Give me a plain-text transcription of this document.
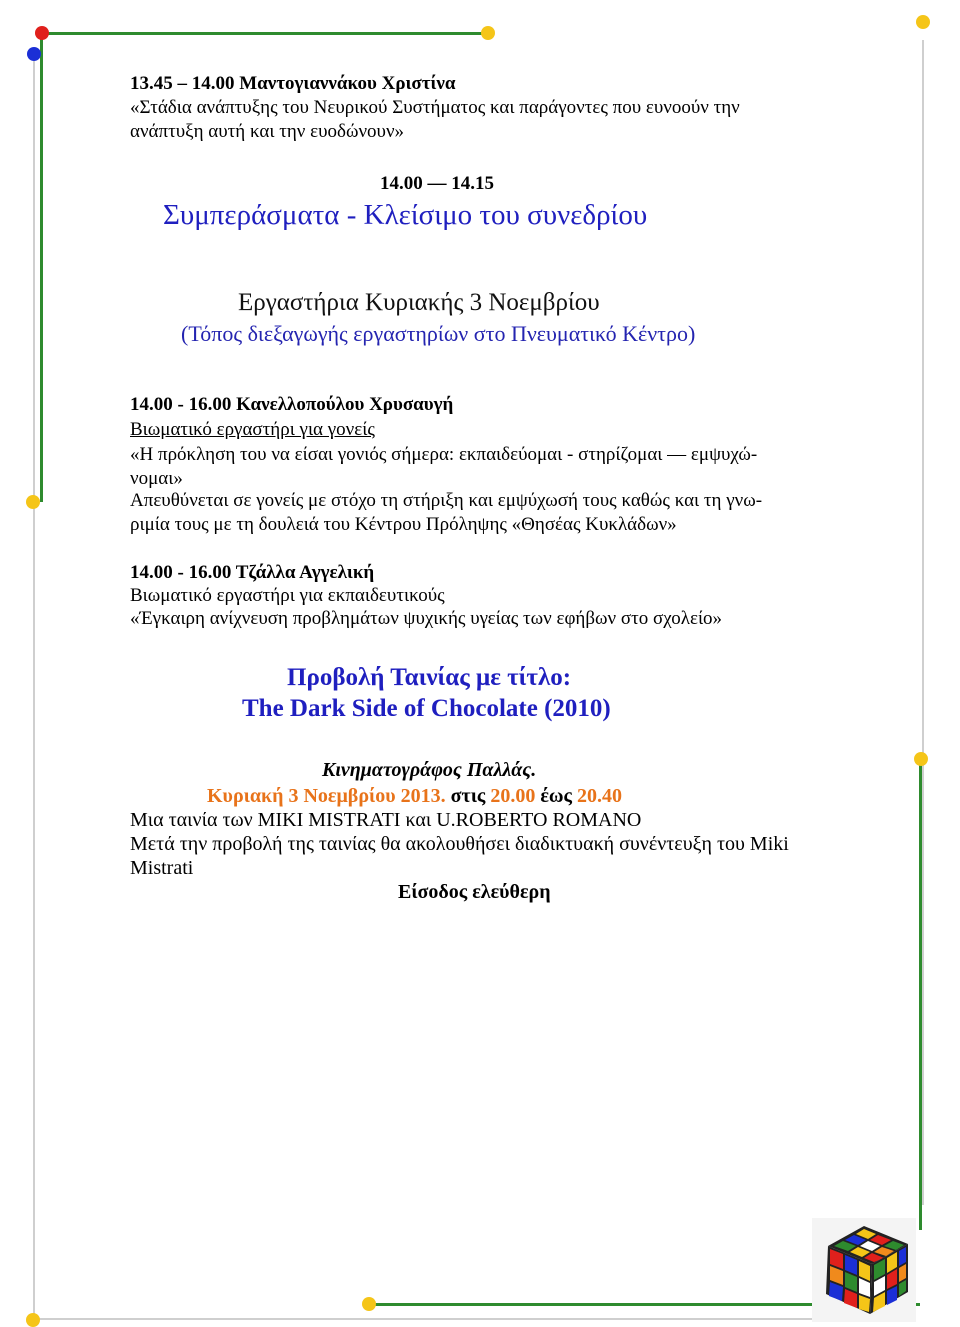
13.45 – 14.00 Μαντογιαννάκου Χριστίνα
«Στάδια ανάπτυξης του Νευρικού Συστήματος και παράγοντες που ευνοούν την
ανάπτυξη αυτή και την ευοδώνουν»
14.00 — 14.15
Συμπεράσματα - Κλείσιμο του συνεδρίου
Εργαστήρια Κυριακής 3 Νοεμβρίου
(Τόπος διεξαγωγής εργαστηρίων στο Πνευματικό Κέντρο)
14.00 - 16.00 Κανελλοπούλου Χρυσαυγή
Βιωματικό εργαστήρι για γονείς
«Η πρόκληση του να είσαι γονιός σήμερα: εκπαιδεύομαι - στηρίζομαι — εμψυχώ-
νομαι»
Απευθύνεται σε γονείς με στόχο τη στήριξη και εμψύχωσή τους καθώς και τη γνω-
ριμία τους με τη δουλειά του Κέντρου Πρόληψης «Θησέας Κυκλάδων»
14.00 - 16.00 Τζάλλα Αγγελική
Βιωματικό εργαστήρι για εκπαιδευτικούς
«Έγκαιρη ανίχνευση προβλημάτων ψυχικής υγείας των εφήβων στο σχολείο»
Προβολή Ταινίας με τίτλο:
The Dark Side of Chocolate (2010)
Κινηματογράφος Παλλάς.
Κυριακή 3 Νοεμβρίου 2013. στις 20.00 έως 20.40
Μια ταινία των MIKI MISTRATI και U.ROBERTO ROMANO
Μετά την προβολή της ταινίας θα ακολουθήσει διαδικτυακή συνέντευξη του Miki
Mistrati
Είσοδος ελεύθερη
